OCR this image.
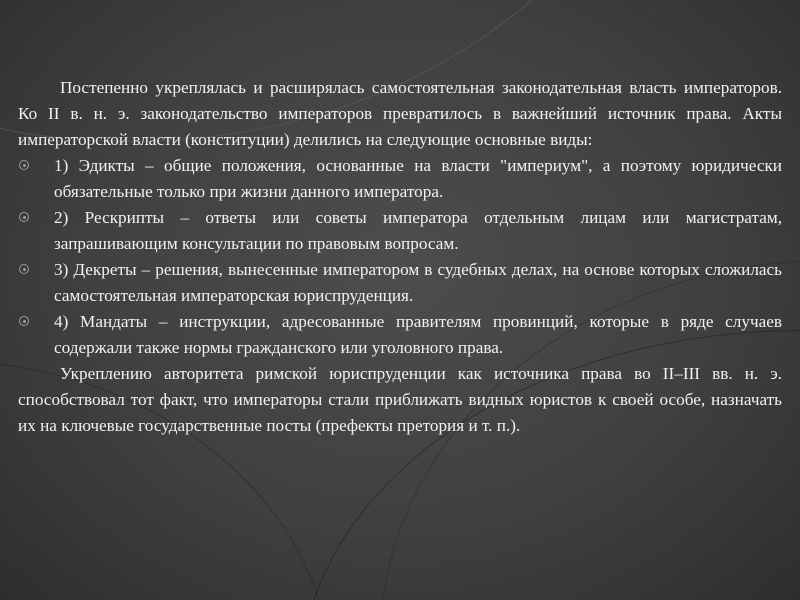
Постепенно укреплялась и расширялась самостоятельная законодательная власть императоров. Ко II в. н. э. законодательство императоров превратилось в важнейший источник права. Акты императорской власти (конституции) делились на следующие основные виды:

1) Эдикты – общие положения, основанные на власти "империум", а поэтому юридически обязательные только при жизни данного императора.

2) Рескрипты – ответы или советы императора отдельным лицам или магистратам, запрашивающим консультации по правовым вопросам.

3) Декреты – решения, вынесенные императором в судебных делах, на основе которых сложилась самостоятельная императорская юриспруденция.

4) Мандаты – инструкции, адресованные правителям провинций, которые в ряде случаев содержали также нормы гражданского или уголовного права.

Укреплению авторитета римской юриспруденции как источника права во II–III вв. н. э. способствовал тот факт, что императоры стали приближать видных юристов к своей особе, назначать их на ключевые государственные посты (префекты претория и т. п.).
